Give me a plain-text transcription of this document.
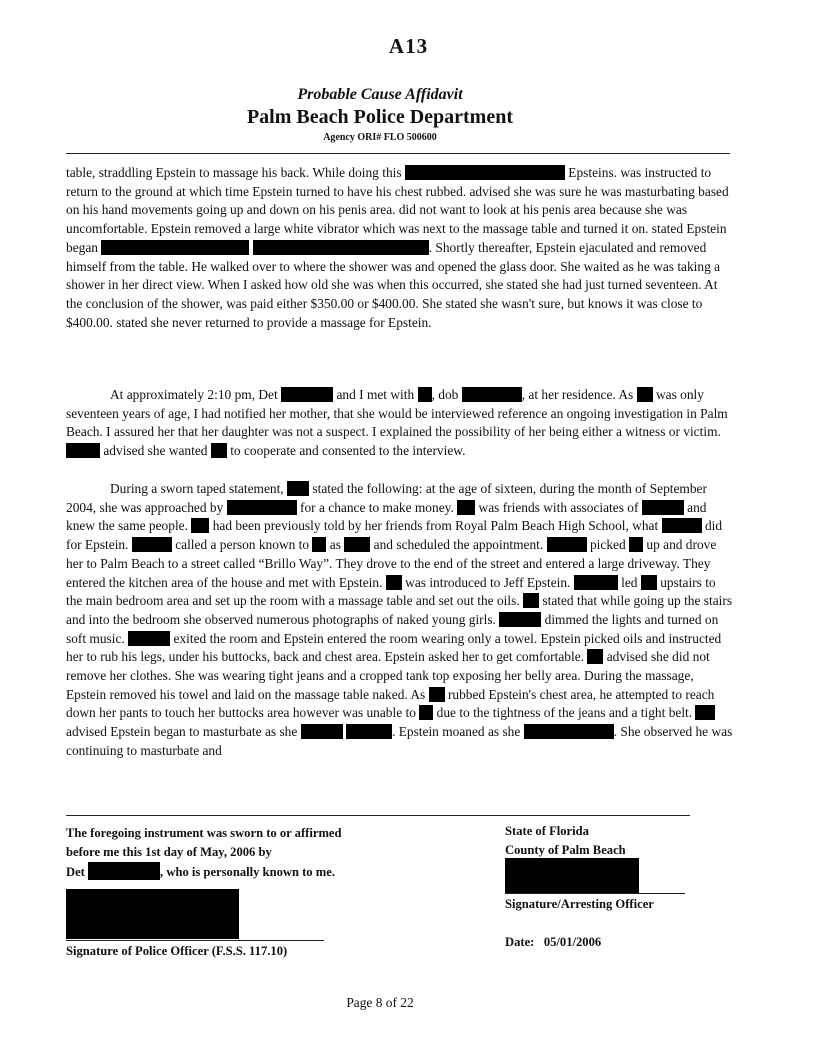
A13
Probable Cause Affidavit
Palm Beach Police Department
Agency ORI# FLO 500600
table, straddling Epstein to massage his back. While doing this	Epsteins. was instructed to return to the ground at which time Epstein turned to have his chest rubbed. advised she was sure he was masturbating based on his hand movements going up and down on his penis area. did not want to look at his penis area because she was uncomfortable. Epstein removed a large white vibrator which was next to the massage table and turned it on. stated Epstein began	. Shortly thereafter, Epstein ejaculated and removed himself from the table. He walked over to where the shower was and opened the glass door. She waited as he was taking a shower in her direct view. When I asked how old she was when this occurred, she stated she had just turned seventeen. At the conclusion of the shower, was paid either $350.00 or $400.00. She stated she wasn't sure, but knows it was close to $400.00. stated she never returned to provide a massage for Epstein.
At approximately 2:10 pm, Det	and I met with , dob	, at her residence. As was only seventeen years of age, I had notified her mother, that she would be interviewed reference an ongoing investigation in Palm Beach. I assured her that her daughter was not a suspect. I explained the possibility of her being either a witness or victim.  advised she wanted to cooperate and consented to the interview.
During a sworn taped statement, stated the following: at the age of sixteen, during the month of September 2004, she was approached by	for a chance to make money. was friends with associates of	and knew the same people. had been previously told by her friends from Royal Palm Beach High School, what	did for Epstein.	called a person known to as and scheduled the appointment.	picked up and drove her to Palm Beach to a street called “Brillo Way”. They drove to the end of the street and entered a large driveway. They entered the kitchen area of the house and met with Epstein. was introduced to Jeff Epstein.	led upstairs to the main bedroom area and set up the room with a massage table and set out the oils. stated that while going up the stairs and into the bedroom she observed numerous photographs of naked young girls.	dimmed the lights and turned on soft music.	exited the room and Epstein entered the room wearing only a towel. Epstein picked oils and instructed her to rub his legs, under his buttocks, back and chest area. Epstein asked her to get comfortable. advised she did not remove her clothes. She was wearing tight jeans and a cropped tank top exposing her belly area. During the massage, Epstein removed his towel and laid on the massage table naked. As rubbed Epstein's chest area, he attempted to reach down her pants to touch her buttocks area however was unable to due to the tightness of the jeans and a tight belt.  advised Epstein began to masturbate as she	. Epstein moaned as she	. She observed he was continuing to masturbate and
The foregoing instrument was sworn to or affirmed
before me this 1st day of May, 2006 by
Det	, who is personally known to me.
Signature of Police Officer (F.S.S. 117.10)
State of Florida
County of Palm Beach
Signature/Arresting Officer
Date: 05/01/2006
Page 8 of 22
